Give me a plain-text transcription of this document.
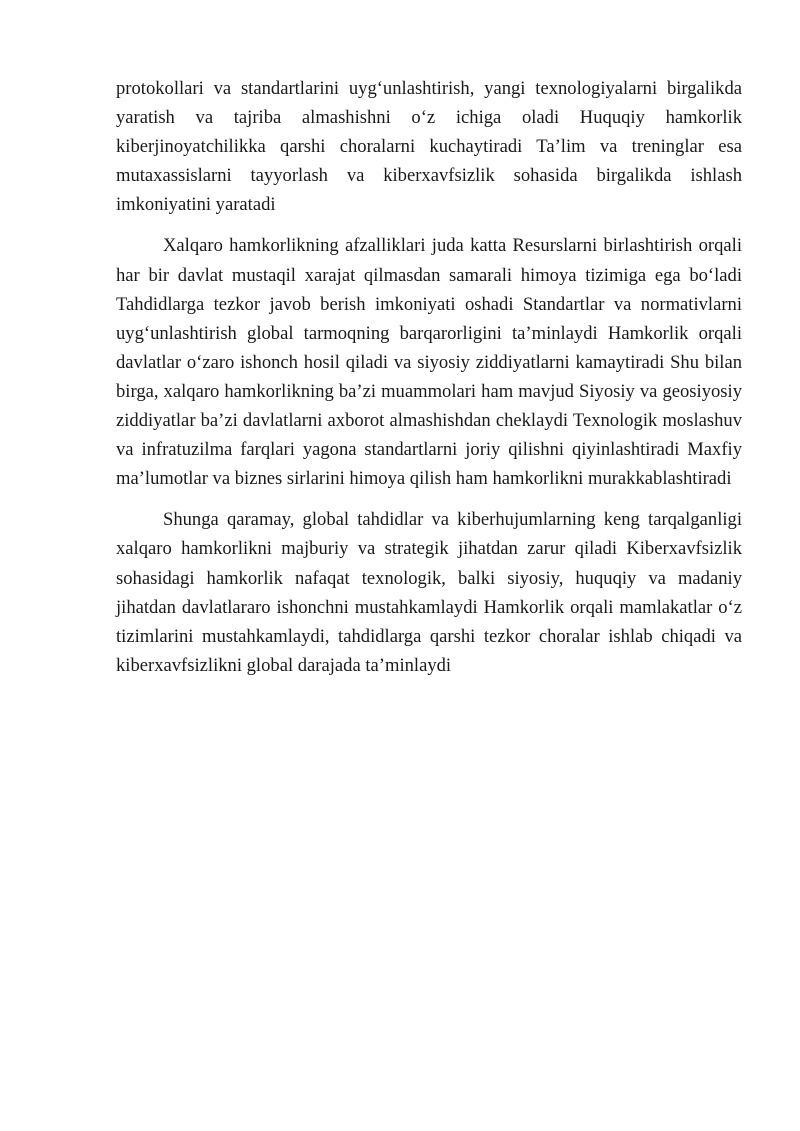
protokollari va standartlarini uyg‘unlashtirish, yangi texnologiyalarni birgalikda yaratish va tajriba almashishni o‘z ichiga oladi Huquqiy hamkorlik kiberjinoyatchilikka qarshi choralarni kuchaytiradi Ta’lim va treninglar esa mutaxassislarni tayyorlash va kiberxavfsizlik sohasida birgalikda ishlash imkoniyatini yaratadi

Xalqaro hamkorlikning afzalliklari juda katta Resurslarni birlashtirish orqali har bir davlat mustaqil xarajat qilmasdan samarali himoya tizimiga ega bo‘ladi Tahdidlarga tezkor javob berish imkoniyati oshadi Standartlar va normativlarni uyg‘unlashtirish global tarmoqning barqarorligini ta’minlaydi Hamkorlik orqali davlatlar o‘zaro ishonch hosil qiladi va siyosiy ziddiyatlarni kamaytiradi Shu bilan birga, xalqaro hamkorlikning ba’zi muammolari ham mavjud Siyosiy va geosiyosiy ziddiyatlar ba’zi davlatlarni axborot almashishdan cheklaydi Texnologik moslashuv va infratuzilma farqlari yagona standartlarni joriy qilishni qiyinlashtiradi Maxfiy ma’lumotlar va biznes sirlarini himoya qilish ham hamkorlikni murakkablashtiradi

Shunga qaramay, global tahdidlar va kiberhujumlarning keng tarqalganligi xalqaro hamkorlikni majburiy va strategik jihatdan zarur qiladi Kiberxavfsizlik sohasidagi hamkorlik nafaqat texnologik, balki siyosiy, huquqiy va madaniy jihatdan davlatlararo ishonchni mustahkamlaydi Hamkorlik orqali mamlakatlar o‘z tizimlarini mustahkamlaydi, tahdidlarga qarshi tezkor choralar ishlab chiqadi va kiberxavfsizlikni global darajada ta’minlaydi
